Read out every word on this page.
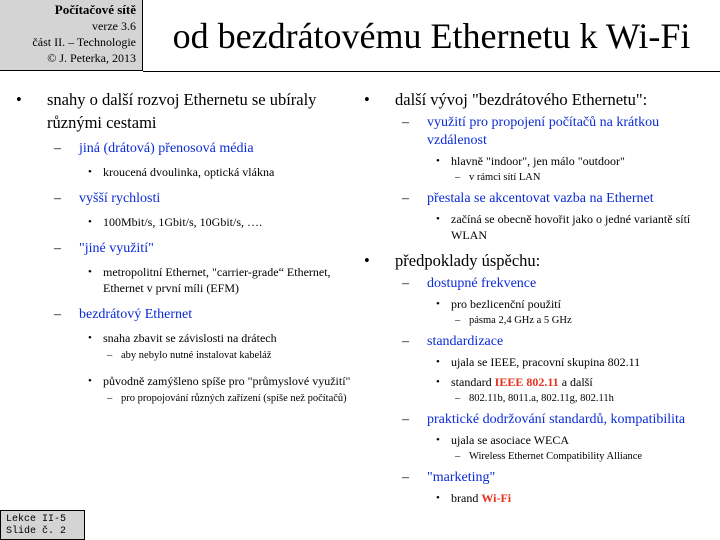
Počítačové sítě
verze 3.6
část II. – Technologie
© J. Peterka, 2013
od bezdrátovému Ethernetu k Wi-Fi
• snahy o další rozvoj Ethernetu se ubíraly různými cestami
– jiná (drátová) přenosová média
• kroucená dvoulinka, optická vlákna
– vyšší rychlosti
• 100Mbit/s, 1Gbit/s, 10Gbit/s, ….
– "jiné využití"
• metropolitní Ethernet, "carrier-grade“ Ethernet, Ethernet v první míli (EFM)
– bezdrátový Ethernet
• snaha zbavit se závislosti na drátech
– aby nebylo nutné instalovat kabeláž
• původně zamýšleno spíše pro "průmyslové využití"
– pro propojování různých zařízení (spíše než počítačů)
• další vývoj "bezdrátového Ethernetu":
– využití pro propojení počítačů na krátkou vzdálenost
• hlavně "indoor", jen málo "outdoor"
– v rámci sítí LAN
– přestala se akcentovat vazba na Ethernet
• začíná se obecně hovořit jako o jedné variantě sítí WLAN
• předpoklady úspěchu:
– dostupné frekvence
• pro bezlicenční použití
– pásma 2,4 GHz a 5 GHz
– standardizace
• ujala se IEEE, pracovní skupina 802.11
• standard IEEE 802.11 a další
– 802.11b, 8011.a, 802.11g, 802.11h
– praktické dodržování standardů, kompatibilita
• ujala se asociace WECA
– Wireless Ethernet Compatibility Alliance
– "marketing"
• brand Wi-Fi
Lekce II-5
Slide č. 2
